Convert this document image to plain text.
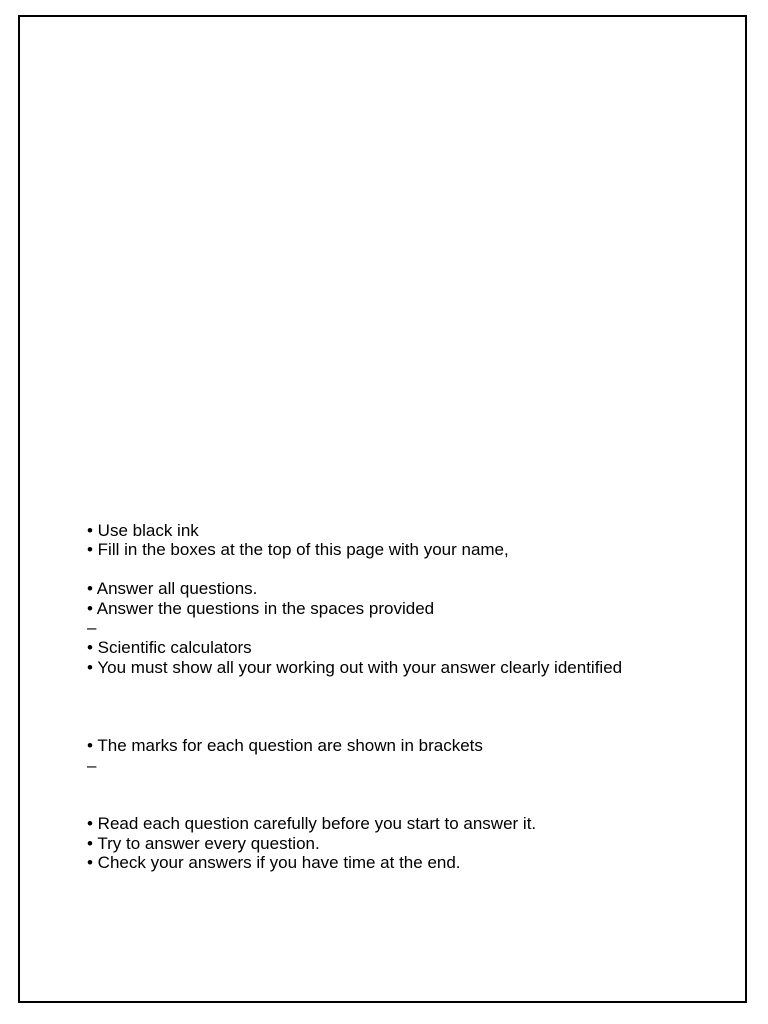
• Use black ink
• Fill in the boxes at the top of this page with your name,
• Answer all questions.
• Answer the questions in the spaces provided
–
• Scientific calculators
• You must show all your working out with your answer clearly identified
• The marks for each question are shown in brackets
–
• Read each question carefully before you start to answer it.
• Try to answer every question.
• Check your answers if you have time at the end.
